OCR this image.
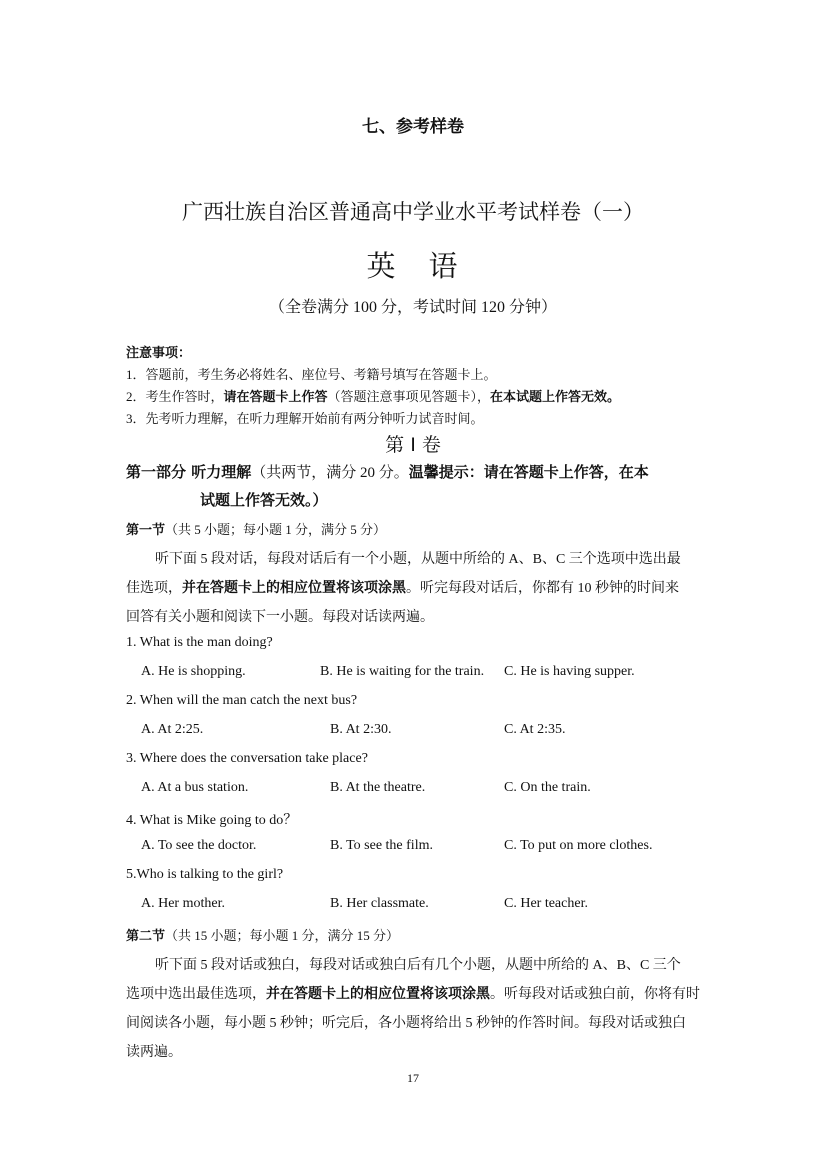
七、参考样卷
广西壮族自治区普通高中学业水平考试样卷（一）
英　语
（全卷满分 100 分，考试时间 120 分钟）
注意事项：
1．答题前，考生务必将姓名、座位号、考籍号填写在答题卡上。
2．考生作答时，请在答题卡上作答（答题注意事项见答题卡），在本试题上作答无效。
3．先考听力理解，在听力理解开始前有两分钟听力试音时间。
第 I 卷
第一部分 听力理解（共两节，满分 20 分。温馨提示：请在答题卡上作答，在本
试题上作答无效。）
第一节（共 5 小题；每小题 1 分，满分 5 分）
听下面 5 段对话，每段对话后有一个小题，从题中所给的 A、B、C 三个选项中选出最
佳选项，并在答题卡上的相应位置将该项涂黑。听完每段对话后，你都有 10 秒钟的时间来
回答有关小题和阅读下一小题。每段对话读两遍。
1. What is the man doing?
A. He is shopping.	B. He is waiting for the train. C. He is having supper.
2. When will the man catch the next bus?
A. At 2:25.	B. At 2:30.	C. At 2:35.
3. Where does the conversation take place?
A. At a bus station.	B. At the theatre.	C. On the train.
4. What is Mike going to do？
A. To see the doctor.	B. To see the film.	C. To put on more clothes.
5.Who is talking to the girl?
A. Her mother.	B. Her classmate.	C. Her teacher.
第二节（共 15 小题；每小题 1 分，满分 15 分）
听下面 5 段对话或独白，每段对话或独白后有几个小题，从题中所给的 A、B、C 三个
选项中选出最佳选项，并在答题卡上的相应位置将该项涂黑。听每段对话或独白前，你将有时
间阅读各小题，每小题 5 秒钟；听完后，各小题将给出 5 秒钟的作答时间。每段对话或独白
读两遍。
17
